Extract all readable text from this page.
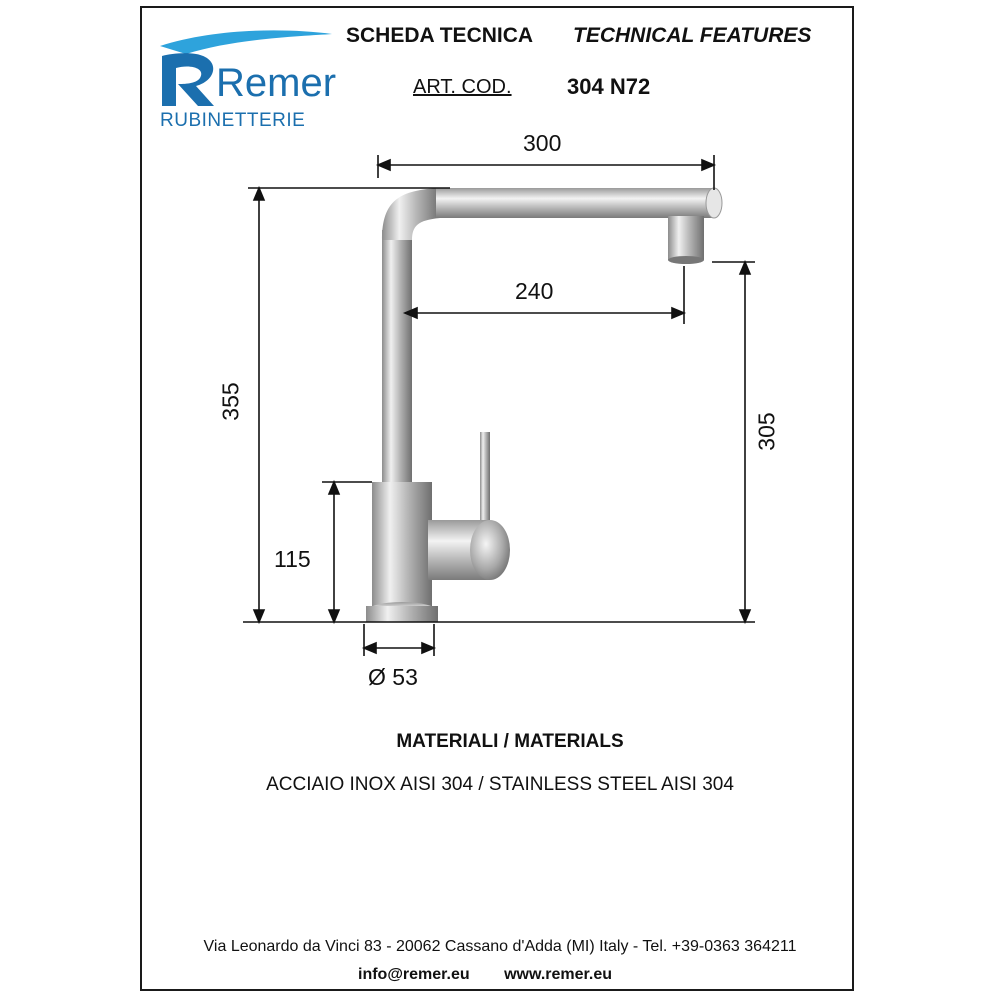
Remer
RUBINETTERIE
SCHEDA TECNICA TECHNICAL FEATURES
ART. COD.	304 N72
300
240
355
305
115
Ø 53
MATERIALI / MATERIALS
ACCIAIO INOX AISI 304 / STAINLESS STEEL AISI 304
Via Leonardo da Vinci 83 - 20062 Cassano d'Adda (MI) Italy - Tel. +39-0363 364211
info@remer.eu www.remer.eu
